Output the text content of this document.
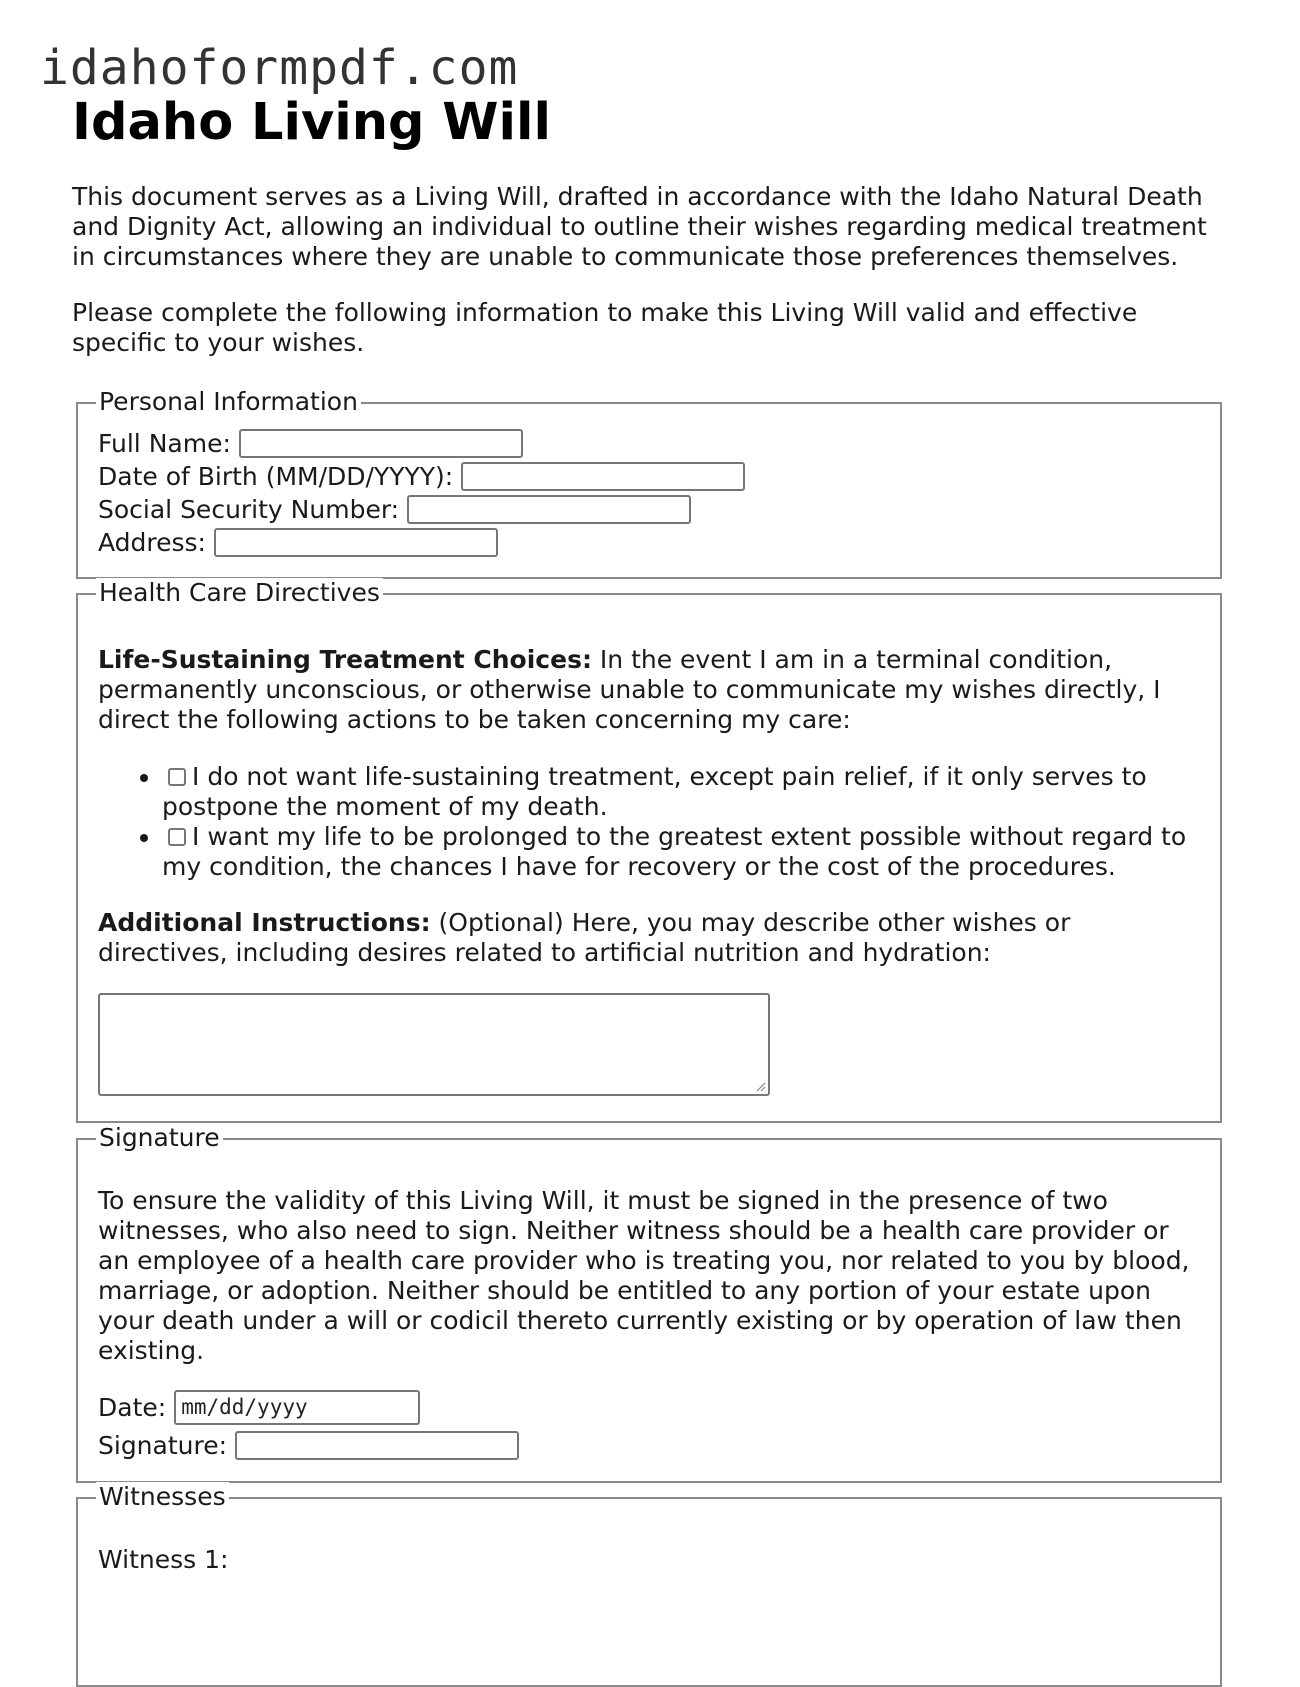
idahoformpdf.com
Idaho Living Will

This document serves as a Living Will, drafted in accordance with the Idaho Natural Death and Dignity Act, allowing an individual to outline their wishes regarding medical treatment in circumstances where they are unable to communicate those preferences themselves.

Please complete the following information to make this Living Will valid and effective specific to your wishes.

Personal Information
Full Name:
Date of Birth (MM/DD/YYYY):
Social Security Number:
Address:
Health Care Directives

Life-Sustaining Treatment Choices: In the event I am in a terminal condition, permanently unconscious, or otherwise unable to communicate my wishes directly, I direct the following actions to be taken concerning my care:

• I do not want life-sustaining treatment, except pain relief, if it only serves to postpone the moment of my death.
• I want my life to be prolonged to the greatest extent possible without regard to my condition, the chances I have for recovery or the cost of the procedures.

Additional Instructions: (Optional) Here, you may describe other wishes or directives, including desires related to artificial nutrition and hydration:

Signature

To ensure the validity of this Living Will, it must be signed in the presence of two witnesses, who also need to sign. Neither witness should be a health care provider or an employee of a health care provider who is treating you, nor related to you by blood, marriage, or adoption. Neither should be entitled to any portion of your estate upon your death under a will or codicil thereto currently existing or by operation of law then existing.

Date: mm/dd/yyyy
Signature:
Witnesses

Witness 1:
